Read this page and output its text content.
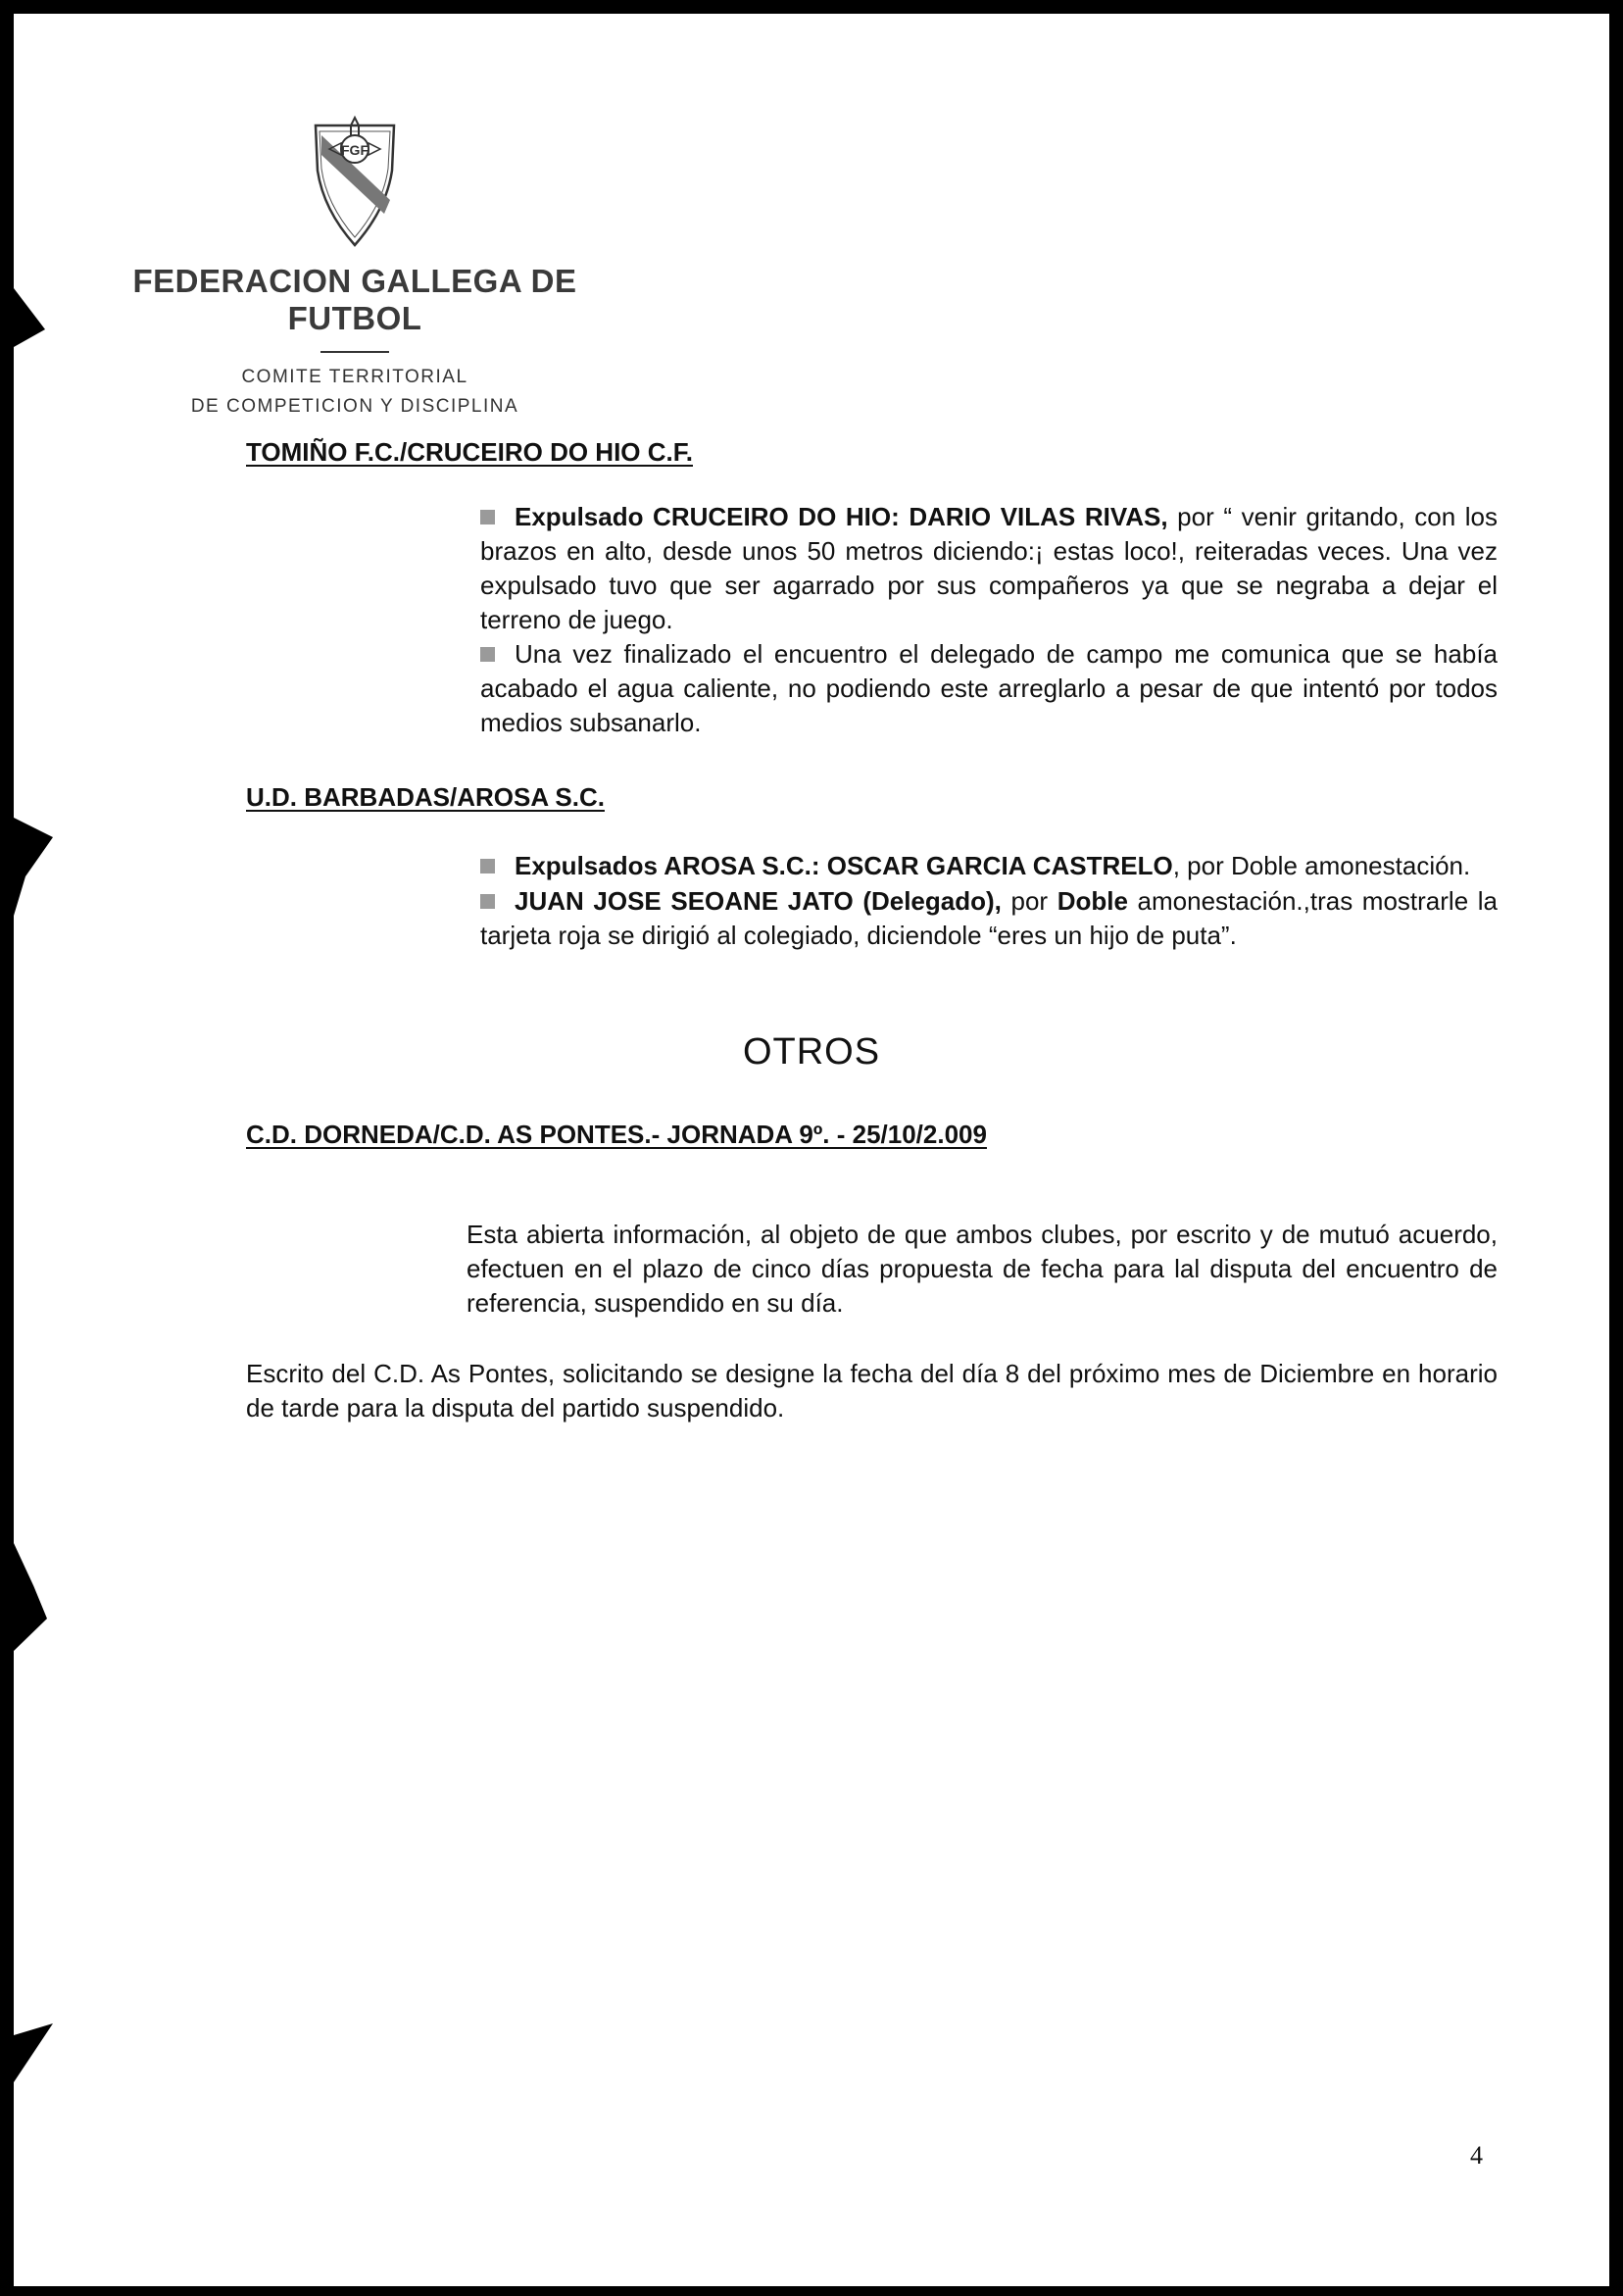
FGF
FEDERACION GALLEGA DE FUTBOL
COMITE TERRITORIAL
DE COMPETICION Y DISCIPLINA
TOMIÑO F.C./CRUCEIRO DO HIO C.F.
Expulsado CRUCEIRO DO HIO: DARIO VILAS RIVAS, por “ venir gritando, con los brazos en alto, desde unos 50 metros diciendo:¡ estas loco!, reiteradas veces. Una vez expulsado tuvo que ser agarrado por sus compañeros ya que se negraba a dejar el terreno de juego.
Una vez finalizado el encuentro el delegado de campo me comunica que se había acabado el agua caliente, no podiendo este arreglarlo a pesar de que intentó por todos medios subsanarlo.
U.D. BARBADAS/AROSA S.C.
Expulsados AROSA S.C.: OSCAR GARCIA CASTRELO, por Doble amonestación.
JUAN JOSE SEOANE JATO (Delegado), por Doble amonestación.,tras mostrarle la tarjeta roja se dirigió al colegiado, diciendole “eres un hijo de puta”.
OTROS
C.D. DORNEDA/C.D. AS PONTES.- JORNADA 9º. - 25/10/2.009
Esta abierta información, al objeto de que ambos clubes, por escrito y de mutuó acuerdo, efectuen en el plazo de cinco días propuesta de fecha para lal disputa del encuentro de referencia, suspendido en su día.
Escrito del C.D. As Pontes, solicitando se designe la fecha del día 8 del próximo mes de Diciembre en horario de tarde para la disputa del partido suspendido.
4
